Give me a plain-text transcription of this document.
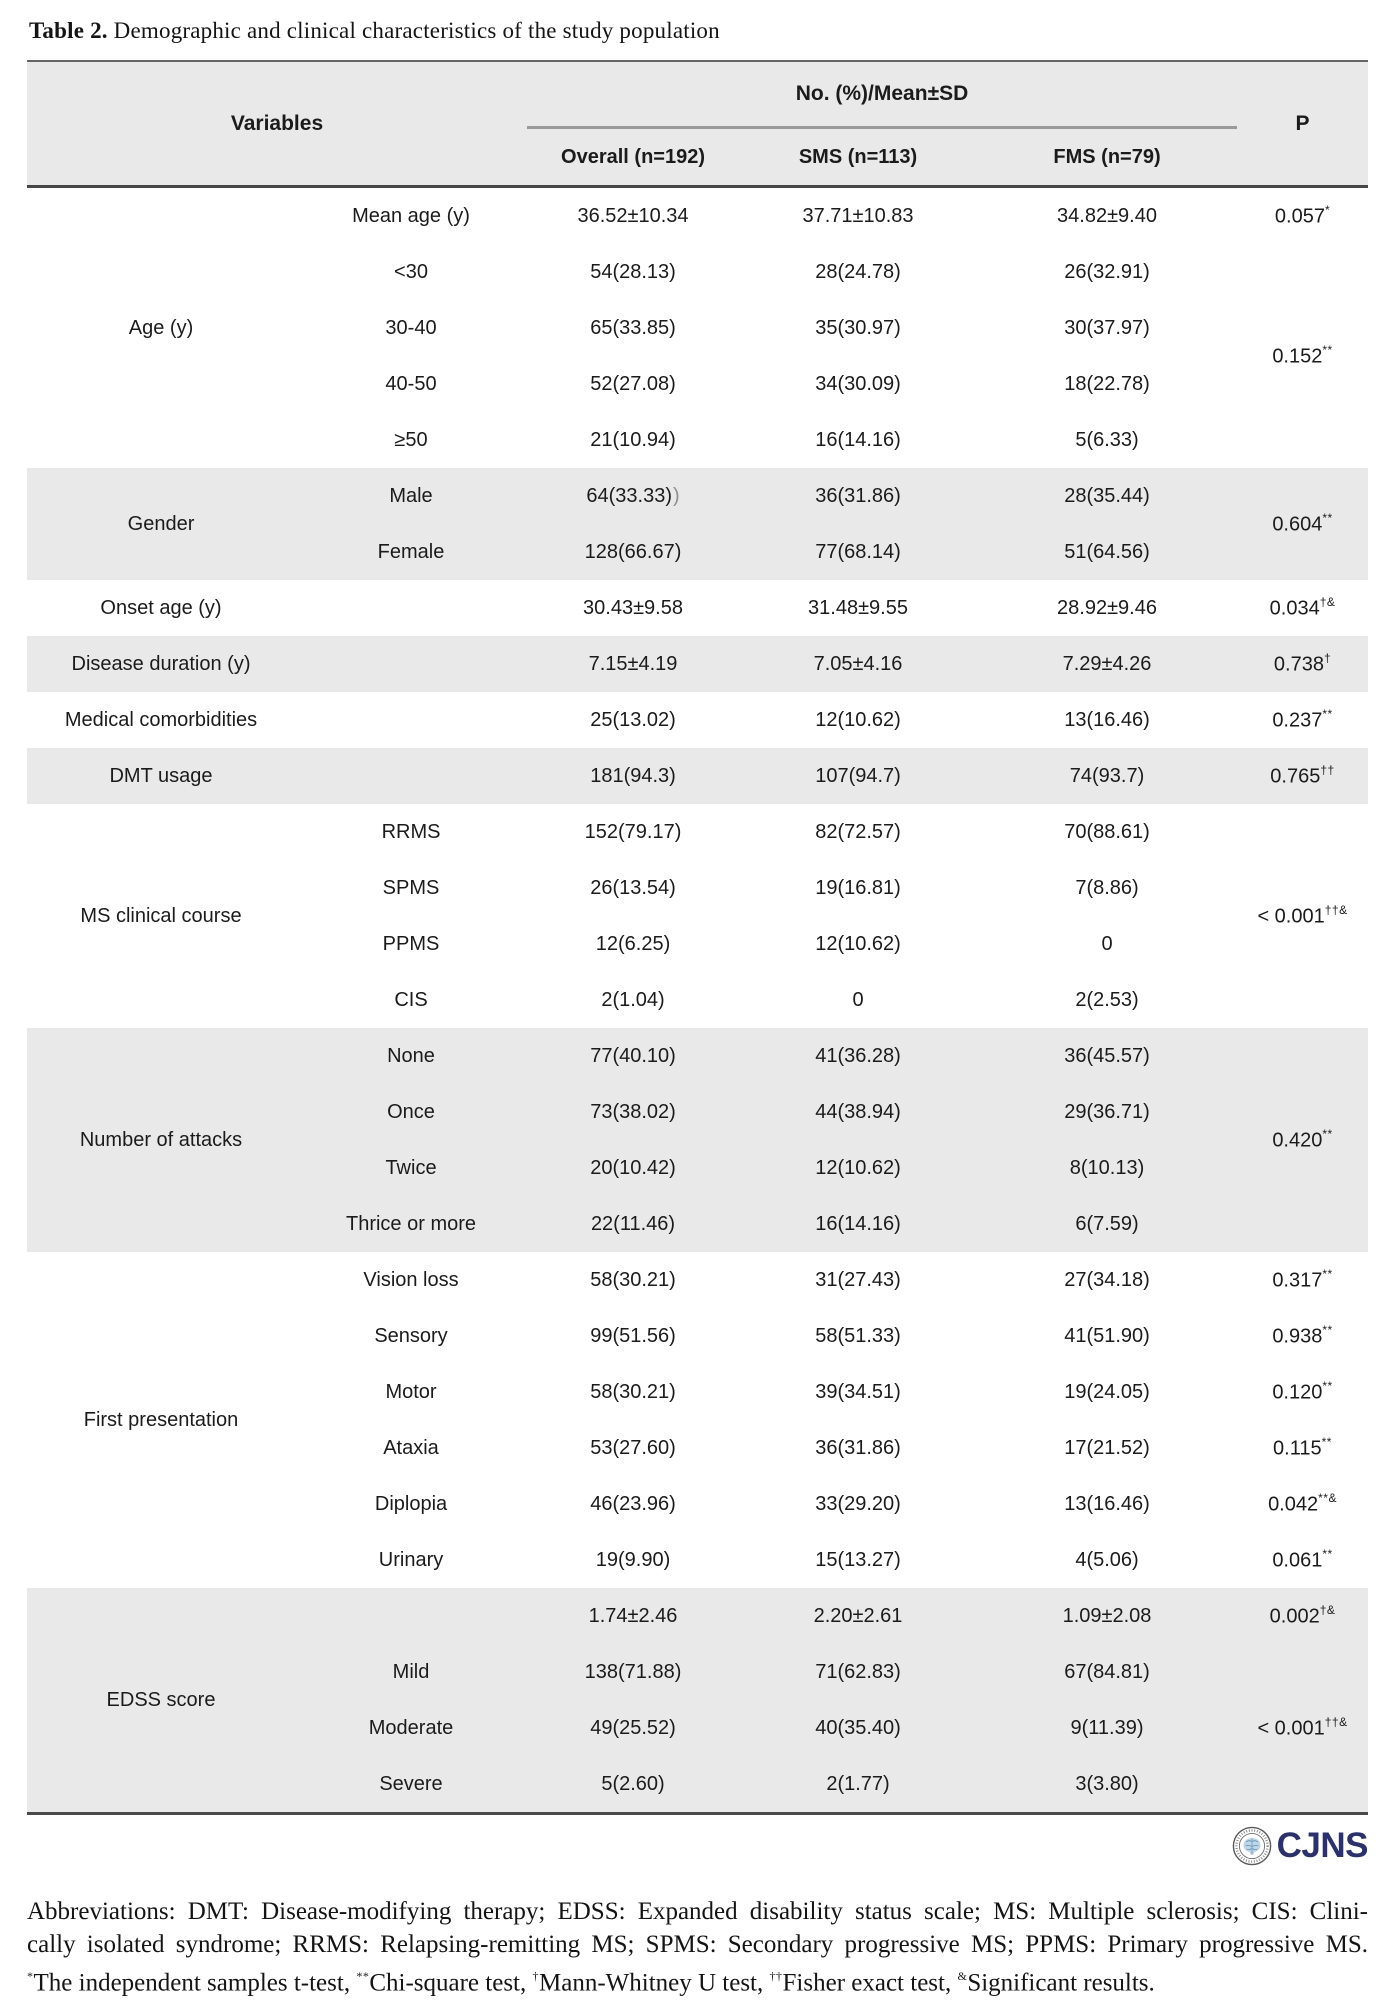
Table 2. Demographic and clinical characteristics of the study population
Variables		No. (%)/Mean±SD			P
		Overall (n=192)	SMS (n=113)	FMS (n=79)	
Age (y)	Mean age (y)	36.52±10.34	37.71±10.83	34.82±9.40	0.057*
	<30	54(28.13)	28(24.78)	26(32.91)	0.152**
	30-40	65(33.85)	35(30.97)	30(37.97)	
	40-50	52(27.08)	34(30.09)	18(22.78)	
	≥50	21(10.94)	16(14.16)	5(6.33)	
Gender	Male	64(33.33))	36(31.86)	28(35.44)	0.604**
	Female	128(66.67)	77(68.14)	51(64.56)	
Onset age (y)		30.43±9.58	31.48±9.55	28.92±9.46	0.034†&
Disease duration (y)		7.15±4.19	7.05±4.16	7.29±4.26	0.738†
Medical comorbidities		25(13.02)	12(10.62)	13(16.46)	0.237**
DMT usage		181(94.3)	107(94.7)	74(93.7)	0.765††
MS clinical course	RRMS	152(79.17)	82(72.57)	70(88.61)	< 0.001††&
	SPMS	26(13.54)	19(16.81)	7(8.86)	
	PPMS	12(6.25)	12(10.62)	0	
	CIS	2(1.04)	0	2(2.53)	
Number of attacks	None	77(40.10)	41(36.28)	36(45.57)	0.420**
	Once	73(38.02)	44(38.94)	29(36.71)	
	Twice	20(10.42)	12(10.62)	8(10.13)	
	Thrice or more	22(11.46)	16(14.16)	6(7.59)	
First presentation	Vision loss	58(30.21)	31(27.43)	27(34.18)	0.317**
	Sensory	99(51.56)	58(51.33)	41(51.90)	0.938**
	Motor	58(30.21)	39(34.51)	19(24.05)	0.120**
	Ataxia	53(27.60)	36(31.86)	17(21.52)	0.115**
	Diplopia	46(23.96)	33(29.20)	13(16.46)	0.042**&
	Urinary	19(9.90)	15(13.27)	4(5.06)	0.061**
EDSS score		1.74±2.46	2.20±2.61	1.09±2.08	0.002†&
	Mild	138(71.88)	71(62.83)	67(84.81)	< 0.001††&
	Moderate	49(25.52)	40(35.40)	9(11.39)	
	Severe	5(2.60)	2(1.77)	3(3.80)	
CJNS
Abbreviations: DMT: Disease-modifying therapy; EDSS: Expanded disability status scale; MS: Multiple sclerosis; CIS: Clini-
cally isolated syndrome; RRMS: Relapsing-remitting MS; SPMS: Secondary progressive MS; PPMS: Primary progressive MS.
*The independent samples t-test, **Chi-square test, †Mann-Whitney U test, ††Fisher exact test, &Significant results.
